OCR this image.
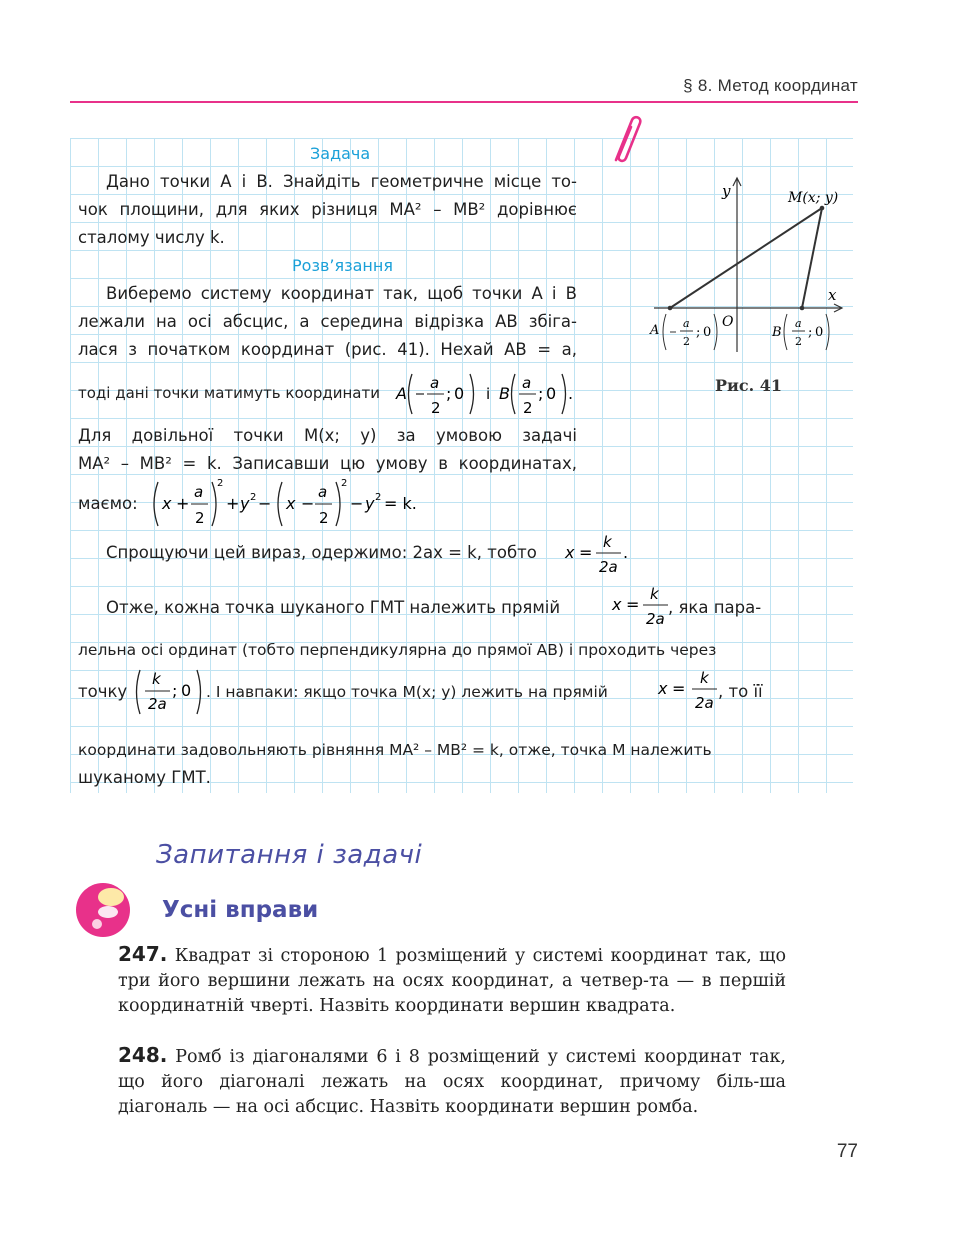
§ 8. Метод координат
Задача
Дано точки A і B. Знайдіть геометричне місце то-
чок площини, для яких різниця MA² – MB² дорівнює
сталому числу k.
Розв’язання
Виберемо систему координат так, щоб точки A і B
лежали на осі абсцис, а середина відрізка AB збіга-
лася з початком координат (рис. 41). Нехай AB = a,
тоді дані точки матимуть координати A
a
2
; 0 і B
a
2
; 0 .
Для довільної точки M(x; y) за умовою задачі
MA² – MB² = k. Записавши цю умову в координатах,
маємо: x +
a
2
2
+ y 2 − x −
a
2
2
− y 2 = k.
Спрощуючи цей вираз, одержимо: 2ax = k, тобто x =
k
2a
.
Отже, кожна точка шуканого ГМТ належить прямій	x =
k
2a
, яка пара-
лельна осі ординат (тобто перпендикулярна до прямої AB) і проходить через
точку
k
2a
; 0 . І навпаки: якщо точка M(x; y) лежить на прямій	x =
k
2a
, то її
координати задовольняють рівняння MA² – MB² = k, отже, точка M належить
шуканому ГМТ.
x
y	M(x; y)
O
A a
2
; 0	B
a
2
; 0
Рис. 41
Запитання і задачі
Усні вправи
247. Квадрат зі стороною 1 розміщений у системі координат так, що три його вершини лежать на осях координат, а четвер-та — в першій координатній чверті. Назвіть координати вершин квадрата.
248. Ромб із діагоналями 6 і 8 розміщений у системі координат так, що його діагоналі лежать на осях координат, причому біль-ша діагональ — на осі абсцис. Назвіть координати вершин ромба.
77
